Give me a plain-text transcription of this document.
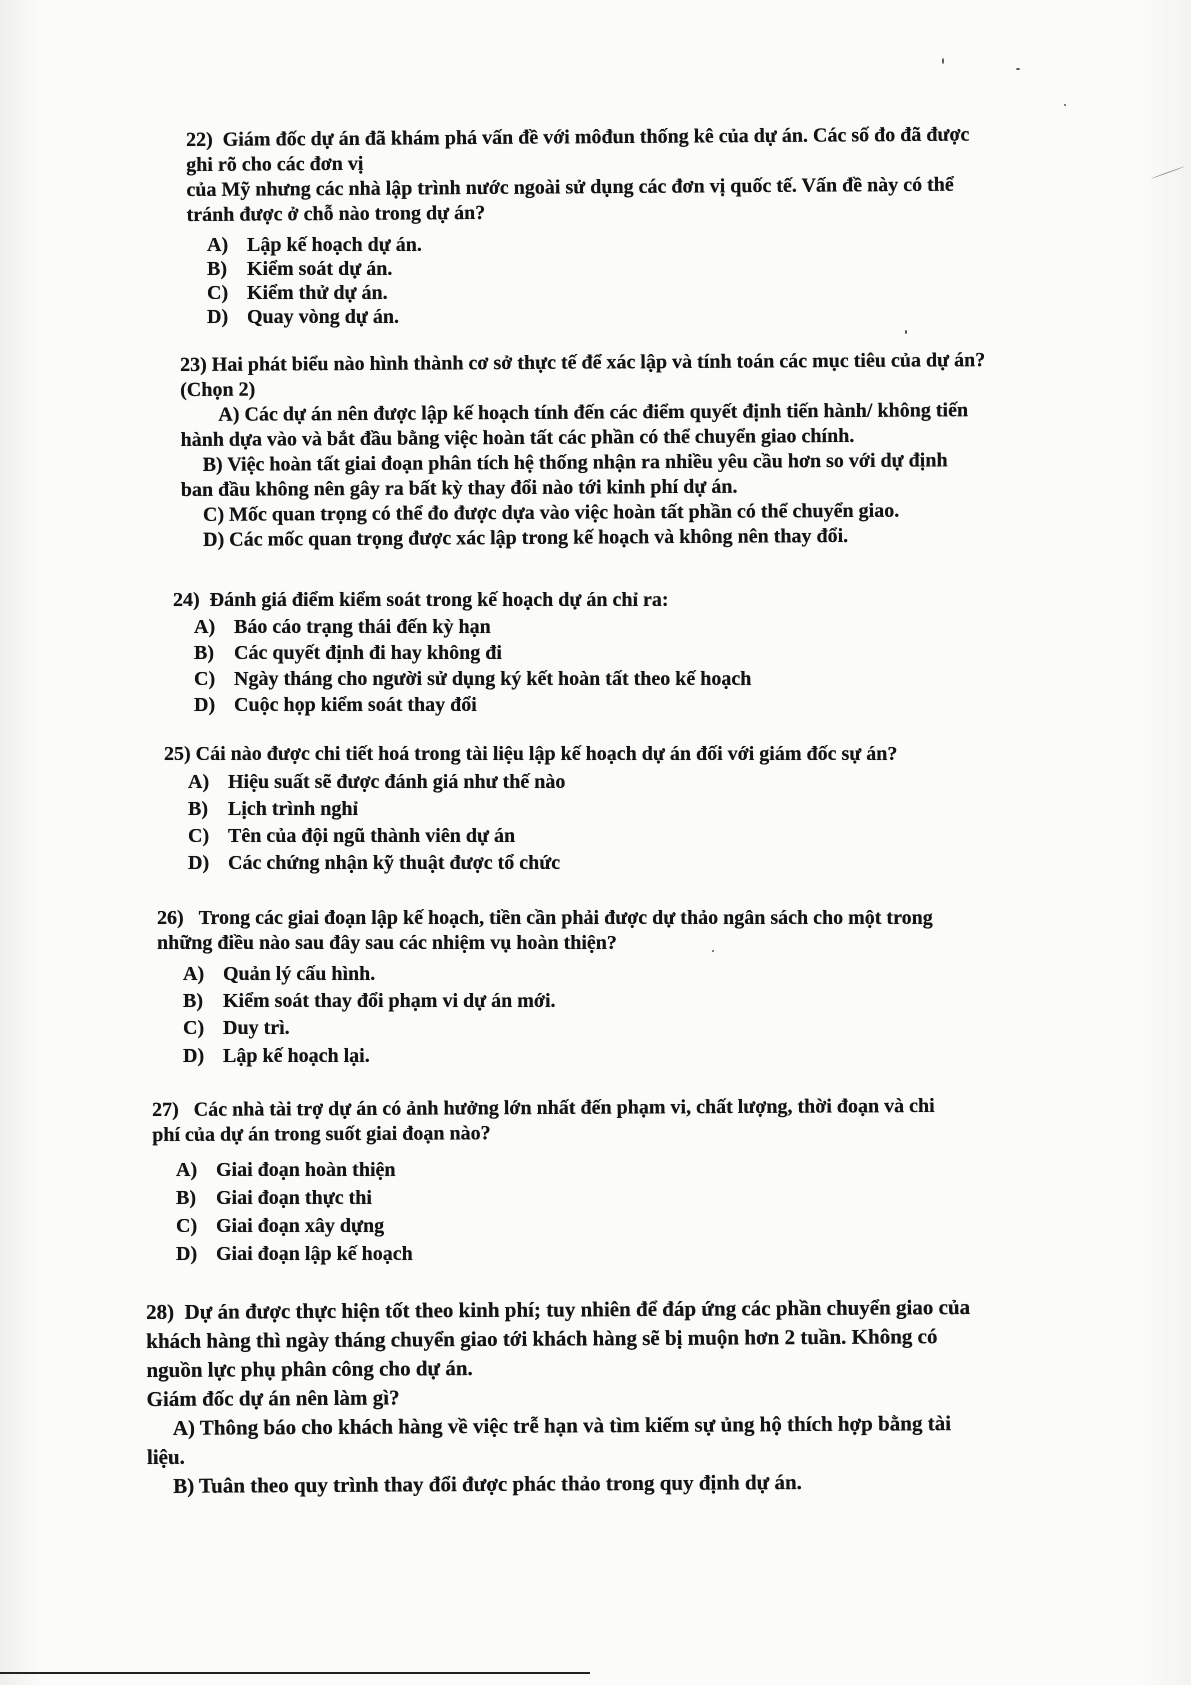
22) Giám đốc dự án đã khám phá vấn đề với môđun thống kê của dự án. Các số đo đã được
ghi rõ cho các đơn vị
của Mỹ nhưng các nhà lập trình nước ngoài sử dụng các đơn vị quốc tế. Vấn đề này có thể
tránh được ở chỗ nào trong dự án?
A) Lập kế hoạch dự án.
B) Kiểm soát dự án.
C) Kiểm thử dự án.
D) Quay vòng dự án.
23) Hai phát biểu nào hình thành cơ sở thực tế để xác lập và tính toán các mục tiêu của dự án?
(Chọn 2)
A) Các dự án nên được lập kế hoạch tính đến các điểm quyết định tiến hành/ không tiến
hành dựa vào và bắt đầu bằng việc hoàn tất các phần có thể chuyển giao chính.
B) Việc hoàn tất giai đoạn phân tích hệ thống nhận ra nhiều yêu cầu hơn so với dự định
ban đầu không nên gây ra bất kỳ thay đổi nào tới kinh phí dự án.
C) Mốc quan trọng có thể đo được dựa vào việc hoàn tất phần có thể chuyển giao.
D) Các mốc quan trọng được xác lập trong kế hoạch và không nên thay đổi.
24) Đánh giá điểm kiểm soát trong kế hoạch dự án chỉ ra:
A) Báo cáo trạng thái đến kỳ hạn
B) Các quyết định đi hay không đi
C) Ngày tháng cho người sử dụng ký kết hoàn tất theo kế hoạch
D) Cuộc họp kiểm soát thay đổi
25) Cái nào được chi tiết hoá trong tài liệu lập kế hoạch dự án đối với giám đốc sự án?
A) Hiệu suất sẽ được đánh giá như thế nào
B) Lịch trình nghỉ
C) Tên của đội ngũ thành viên dự án
D) Các chứng nhận kỹ thuật được tổ chức
26) Trong các giai đoạn lập kế hoạch, tiền cần phải được dự thảo ngân sách cho một trong
những điều nào sau đây sau các nhiệm vụ hoàn thiện?
A) Quản lý cấu hình.
B) Kiểm soát thay đổi phạm vi dự án mới.
C) Duy trì.
D) Lập kế hoạch lại.
27) Các nhà tài trợ dự án có ảnh hưởng lớn nhất đến phạm vi, chất lượng, thời đoạn và chi
phí của dự án trong suốt giai đoạn nào?
A) Giai đoạn hoàn thiện
B) Giai đoạn thực thi
C) Giai đoạn xây dựng
D) Giai đoạn lập kế hoạch
28) Dự án được thực hiện tốt theo kinh phí; tuy nhiên để đáp ứng các phần chuyển giao của
khách hàng thì ngày tháng chuyển giao tới khách hàng sẽ bị muộn hơn 2 tuần. Không có
nguồn lực phụ phân công cho dự án.
Giám đốc dự án nên làm gì?
A) Thông báo cho khách hàng về việc trễ hạn và tìm kiếm sự ủng hộ thích hợp bằng tài
liệu.
B) Tuân theo quy trình thay đổi được phác thảo trong quy định dự án.
